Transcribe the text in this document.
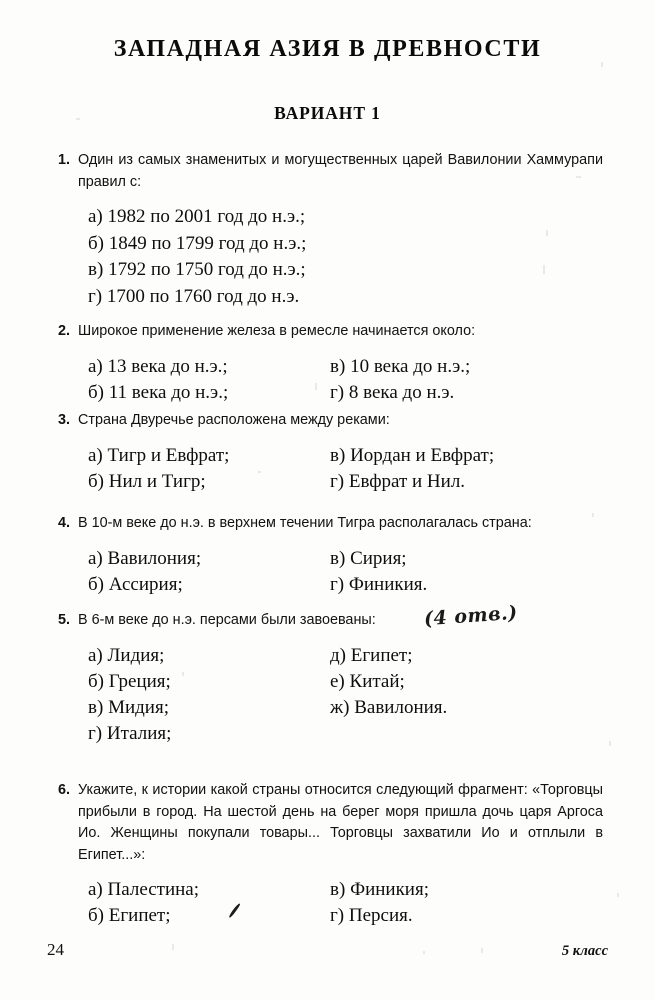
ЗАПАДНАЯ АЗИЯ В ДРЕВНОСТИ
ВАРИАНТ 1
1. Один из самых знаменитых и могущественных царей Вавилонии Хаммурапи правил с:
а) 1982 по 2001 год до н.э.;
б) 1849 по 1799 год до н.э.;
в) 1792 по 1750 год до н.э.;
г) 1700 по 1760 год до н.э.
2. Широкое применение железа в ремесле начинается около:
а) 13 века до н.э.;
б) 11 века до н.э.;
в) 10 века до н.э.;
г) 8 века до н.э.
3. Страна Двуречье расположена между реками:
а) Тигр и Евфрат;
б) Нил и Тигр;
в) Иордан и Евфрат;
г) Евфрат и Нил.
4. В 10-м веке до н.э. в верхнем течении Тигра располагалась страна:
а) Вавилония;
б) Ассирия;
в) Сирия;
г) Финикия.
5. В 6-м веке до н.э. персами были завоеваны:
а) Лидия;
б) Греция;
в) Мидия;
г) Италия;
д) Египет;
е) Китай;
ж) Вавилония.
(4 отв.)
6. Укажите, к истории какой страны относится следующий фрагмент: «Торговцы прибыли в город. На шестой день на берег моря пришла дочь царя Аргоса Ио. Женщины покупали товары... Торговцы захватили Ио и отплыли в Египет...»:
а) Палестина;
б) Египет;
в) Финикия;
г) Персия.
24	5 класс
